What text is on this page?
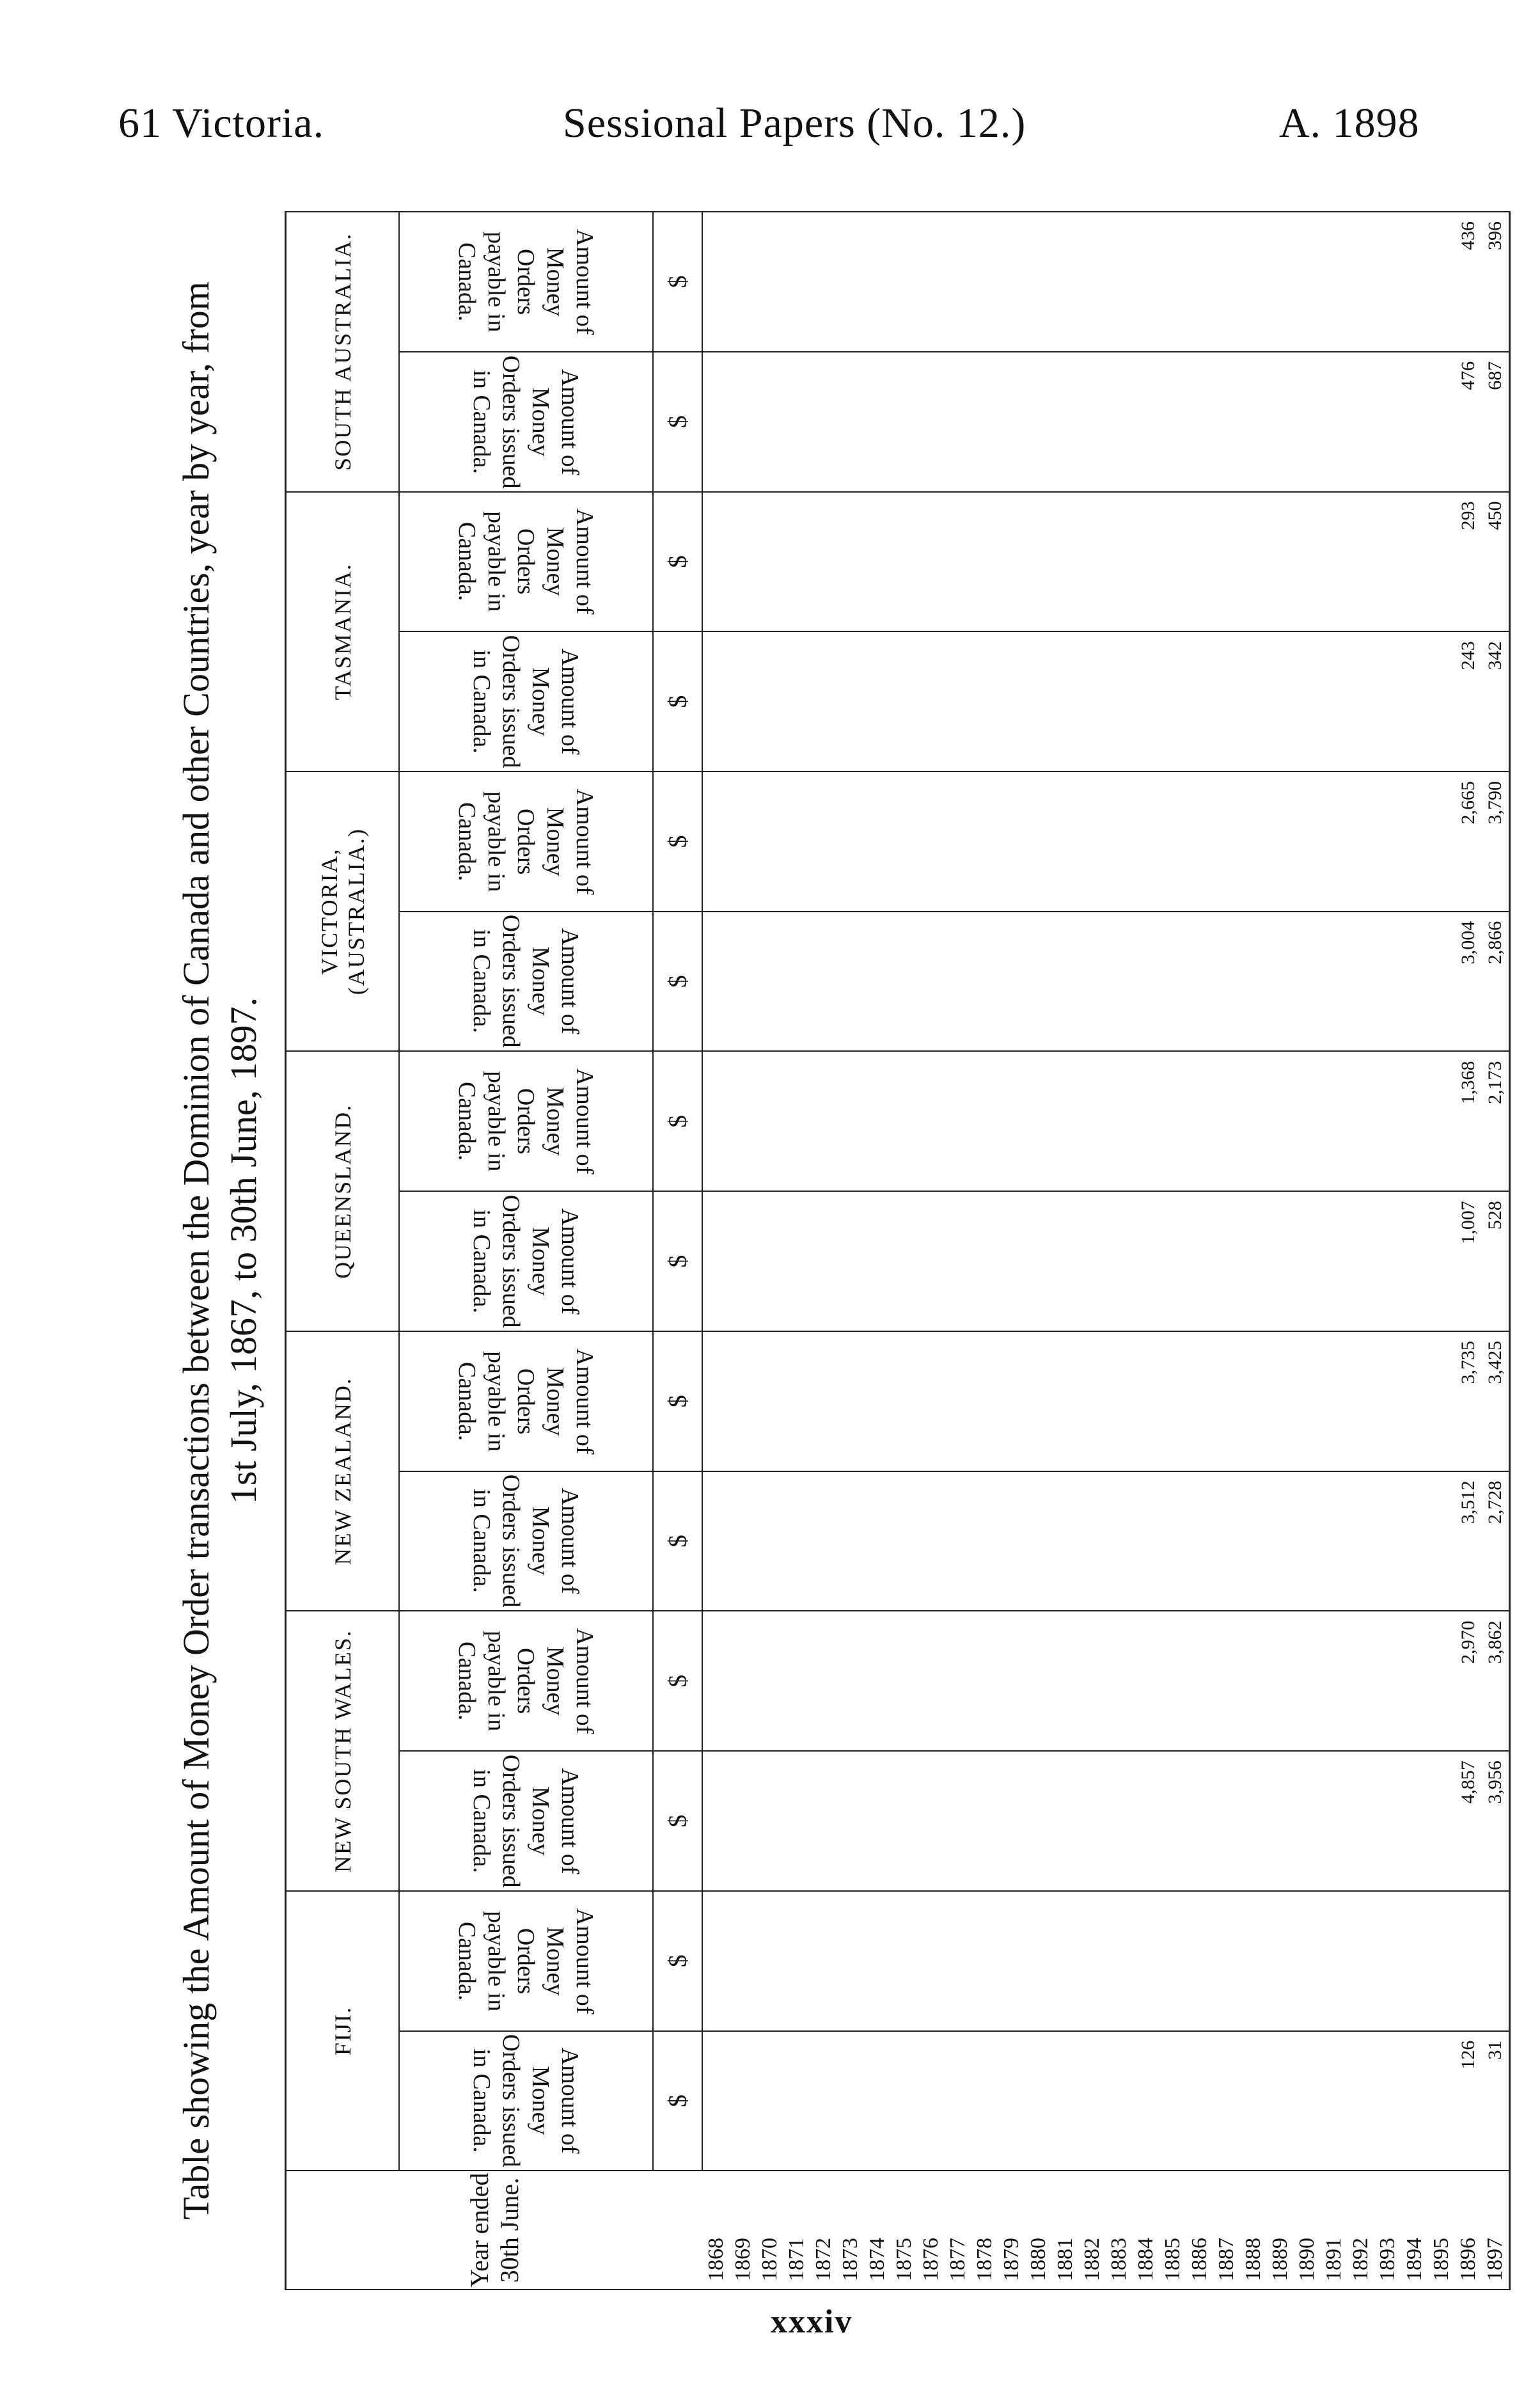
61 Victoria.	Sessional Papers (No. 12.)	A. 1898
Table showing the Amount of Money Order transactions between the Dominion of Canada and other Countries, year by year, from 1st July, 1867, to 30th June, 1897.
Year ended 30th June.	FIJI.		NEW SOUTH WALES.		NEW ZEALAND.		QUEENSLAND.		VICTORIA, (AUSTRALIA.)		TASMANIA.		SOUTH AUSTRALIA.	
	Amount of Money Orders issued in Canada.	Amount of Money Orders payable in Canada.	Amount of Money Orders issued in Canada.	Amount of Money Orders payable in Canada.	Amount of Money Orders issued in Canada.	Amount of Money Orders payable in Canada.	Amount of Money Orders issued in Canada.	Amount of Money Orders payable in Canada.	Amount of Money Orders issued in Canada.	Amount of Money Orders payable in Canada.	Amount of Money Orders issued in Canada.	Amount of Money Orders payable in Canada.	Amount of Money Orders issued in Canada.	Amount of Money Orders payable in Canada.
	$	$	$	$	$	$	$	$	$	$	$	$	$	$
1868														
1869														
1870														
1871														
1872														
1873														
1874														
1875														
1876														
1877														
1878														
1879														
1880														
1881														
1882														
1883														
1884														
1885														
1886														
1887														
1888														
1889														
1890														
1891														
1892														
1893														
1894														
1895														
1896	126		4,857	2,970	3,512	3,735	1,007	1,368	3,004	2,665	243	293	476	436
1897	31		3,956	3,862	2,728	3,425	528	2,173	2,866	3,790	342	450	687	396
xxxiv
